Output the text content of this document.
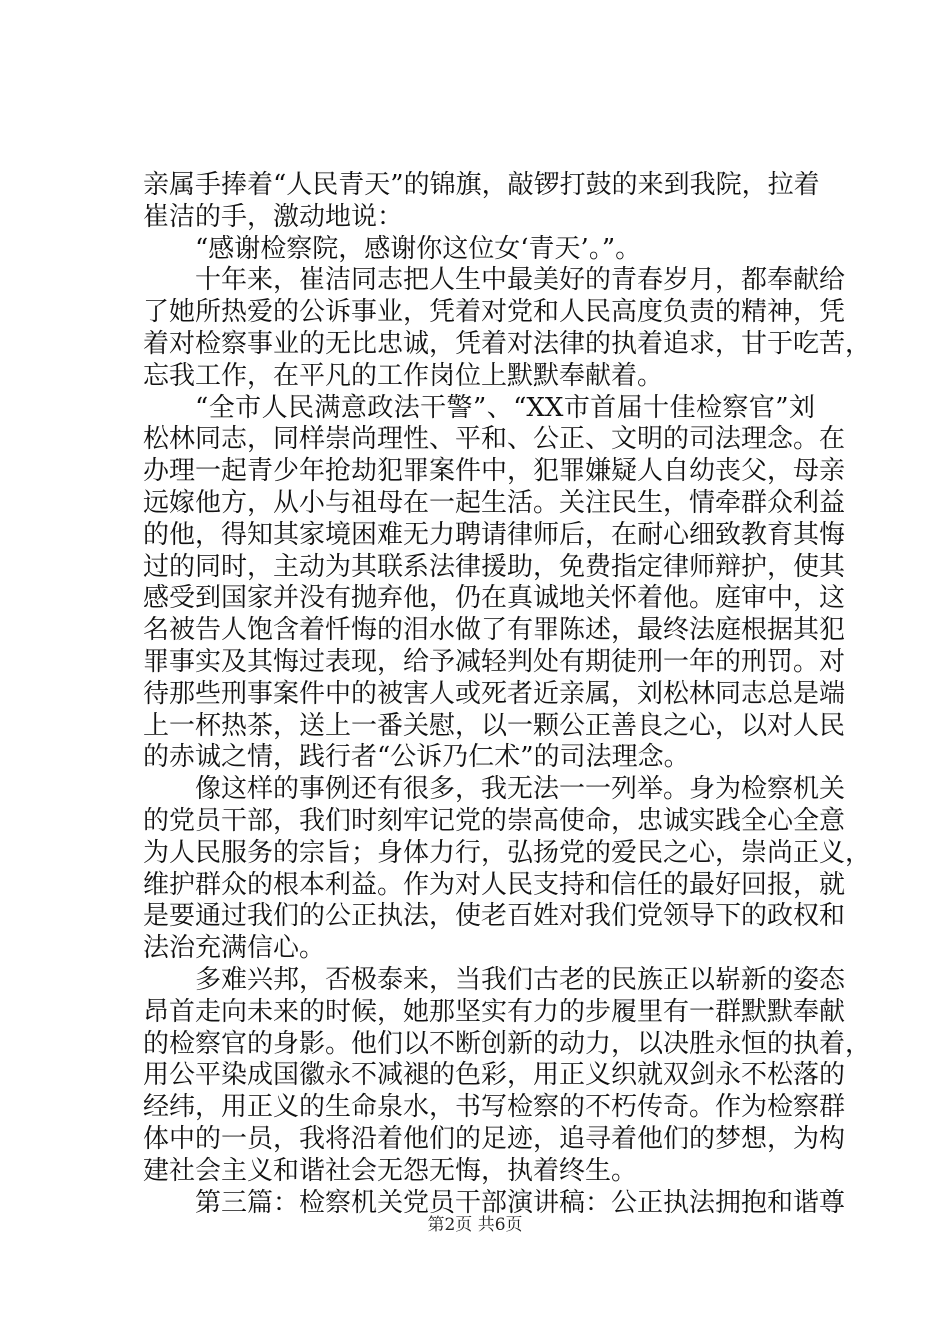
亲属手捧着“人民青天”的锦旗，敲锣打鼓的来到我院，拉着
崔洁的手，激动地说：
“感谢检察院，感谢你这位女‘青天’。”。
十年来，崔洁同志把人生中最美好的青春岁月，都奉献给
了她所热爱的公诉事业，凭着对党和人民高度负责的精神，凭
着对检察事业的无比忠诚，凭着对法律的执着追求，甘于吃苦，
忘我工作，在平凡的工作岗位上默默奉献着。
“全市人民满意政法干警”、“XX市首届十佳检察官”刘
松林同志，同样崇尚理性、平和、公正、文明的司法理念。在
办理一起青少年抢劫犯罪案件中，犯罪嫌疑人自幼丧父，母亲
远嫁他方，从小与祖母在一起生活。关注民生，情牵群众利益
的他，得知其家境困难无力聘请律师后，在耐心细致教育其悔
过的同时，主动为其联系法律援助，免费指定律师辩护，使其
感受到国家并没有抛弃他，仍在真诚地关怀着他。庭审中，这
名被告人饱含着忏悔的泪水做了有罪陈述，最终法庭根据其犯
罪事实及其悔过表现，给予减轻判处有期徒刑一年的刑罚。对
待那些刑事案件中的被害人或死者近亲属，刘松林同志总是端
上一杯热茶，送上一番关慰，以一颗公正善良之心，以对人民
的赤诚之情，践行者“公诉乃仁术”的司法理念。
像这样的事例还有很多，我无法一一列举。身为检察机关
的党员干部，我们时刻牢记党的崇高使命，忠诚实践全心全意
为人民服务的宗旨；身体力行，弘扬党的爱民之心，崇尚正义，
维护群众的根本利益。作为对人民支持和信任的最好回报，就
是要通过我们的公正执法，使老百姓对我们党领导下的政权和
法治充满信心。
多难兴邦，否极泰来，当我们古老的民族正以崭新的姿态
昂首走向未来的时候，她那坚实有力的步履里有一群默默奉献
的检察官的身影。他们以不断创新的动力，以决胜永恒的执着，
用公平染成国徽永不减褪的色彩，用正义织就双剑永不松落的
经纬，用正义的生命泉水，书写检察的不朽传奇。作为检察群
体中的一员，我将沿着他们的足迹，追寻着他们的梦想，为构
建社会主义和谐社会无怨无悔，执着终生。
第三篇：检察机关党员干部演讲稿：公正执法拥抱和谐尊
第2页 共6页
